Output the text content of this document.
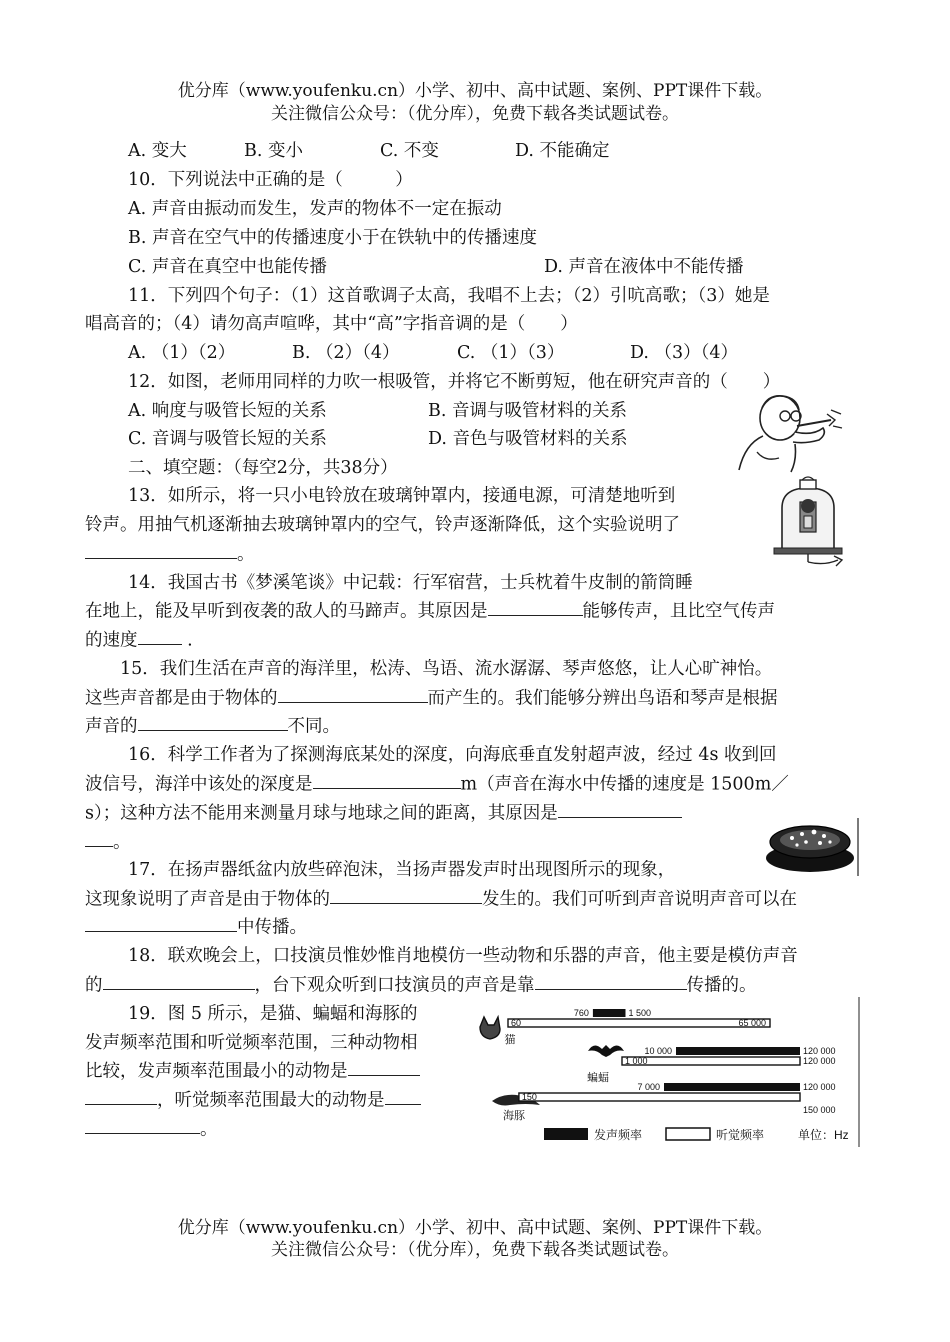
优分库（www.youfenku.cn）小学、初中、高中试题、案例、PPT课件下载。
关注微信公众号：（优分库），免费下载各类试题试卷。
A. 变大	B. 变小	C. 不变	D. 不能确定
10．下列说法中正确的是（　　　）
A. 声音由振动而发生，发声的物体不一定在振动
B. 声音在空气中的传播速度小于在铁轨中的传播速度
C. 声音在真空中也能传播	D. 声音在液体中不能传播
11．下列四个句子：（1）这首歌调子太高，我唱不上去；（2）引吭高歌；（3）她是
唱高音的；（4）请勿高声喧哗，其中“高”字指音调的是（　　）
A. （1）（2）	B. （2）（4）	C. （1）（3）	D. （3）（4）
12．如图，老师用同样的力吹一根吸管，并将它不断剪短，他在研究声音的（　　）
A. 响度与吸管长短的关系	B. 音调与吸管材料的关系
C. 音调与吸管长短的关系	D. 音色与吸管材料的关系
二、填空题：（每空2分，共38分）
13．如所示，将一只小电铃放在玻璃钟罩内，接通电源，可清楚地听到
铃声。用抽气机逐渐抽去玻璃钟罩内的空气，铃声逐渐降低，这个实验说明了
。
14．我国古书《梦溪笔谈》中记载：行军宿营，士兵枕着牛皮制的箭筒睡
在地上，能及早听到夜袭的敌人的马蹄声。其原因是	能够传声，且比空气传声
的速度	.
15．我们生活在声音的海洋里，松涛、鸟语、流水潺潺、琴声悠悠，让人心旷神怡。
这些声音都是由于物体的	而产生的。我们能够分辨出鸟语和琴声是根据
声音的	不同。
16．科学工作者为了探测海底某处的深度，向海底垂直发射超声波，经过 4s 收到回
波信号，海洋中该处的深度是	m（声音在海水中传播的速度是 1500m／
s）；这种方法不能用来测量月球与地球之间的距离，其原因是
。
17．在扬声器纸盆内放些碎泡沫，当扬声器发声时出现图所示的现象，
这现象说明了声音是由于物体的	发生的。我们可听到声音说明声音可以在
中传播。
18．联欢晚会上，口技演员惟妙惟肖地模仿一些动物和乐器的声音，他主要是模仿声音
的	，台下观众听到口技演员的声音是靠	传播的。
19．图 5 所示，是猫、蝙蝠和海豚的
发声频率范围和听觉频率范围，三种动物相
比较，发声频率范围最小的动物是
，听觉频率范围最大的动物是
。
760	1 500
60	65 000
猫
10 000	120 000
1 000	120 000
蝙蝠
7 000	120 000
150
150 000
海豚
发声频率	听觉频率	单位：Hz
优分库（www.youfenku.cn）小学、初中、高中试题、案例、PPT课件下载。
关注微信公众号：（优分库），免费下载各类试题试卷。
